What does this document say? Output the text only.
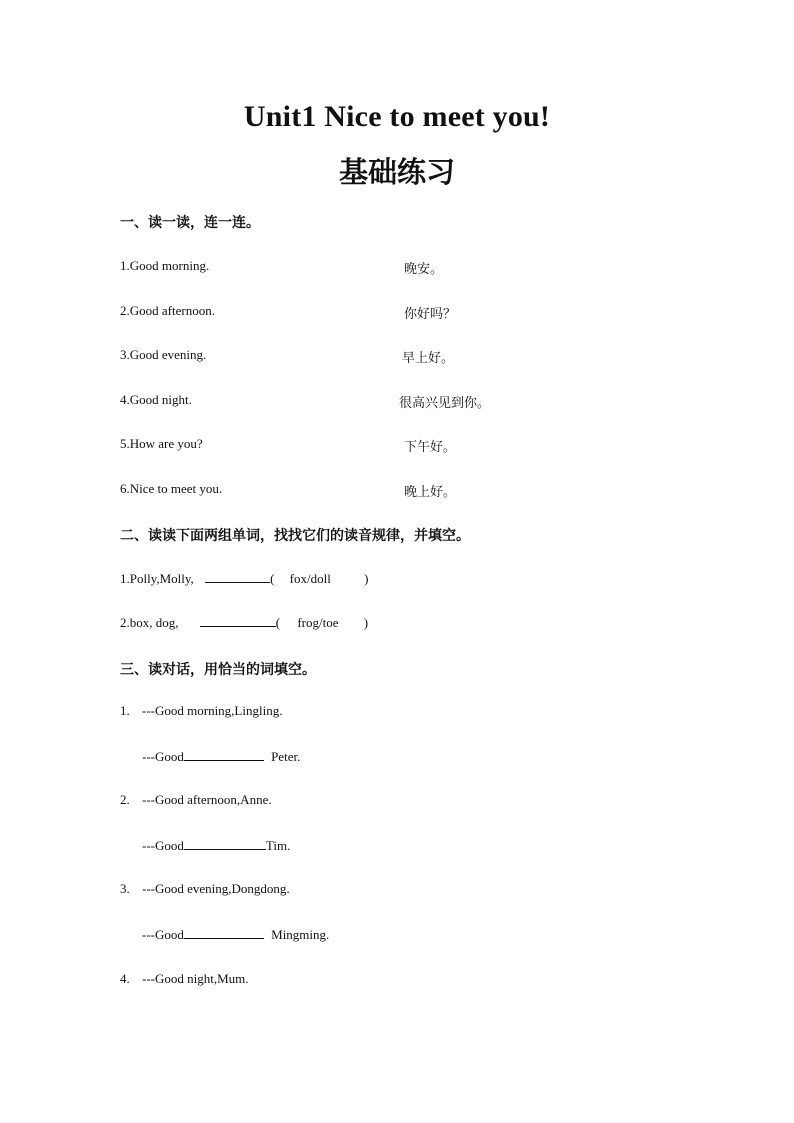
Unit1 Nice to meet you!
基础练习
一、读一读，连一连。
1.Good morning.
2.Good afternoon.
3.Good evening.
4.Good night.
5.How are you?
6.Nice to meet you.
晚安。
你好吗？
早上好。
很高兴见到你。
下午好。
晚上好。
二、读读下面两组单词，找找它们的读音规律，并填空。
1.Polly,Molly,	( fox/doll	)
2.box, dog,	( frog/toe )
三、读对话，用恰当的词填空。
1. ---Good morning,Lingling.
---Good	Peter.
2. ---Good afternoon,Anne.
---Good	Tim.
3. ---Good evening,Dongdong.
---Good	Mingming.
4. ---Good night,Mum.
